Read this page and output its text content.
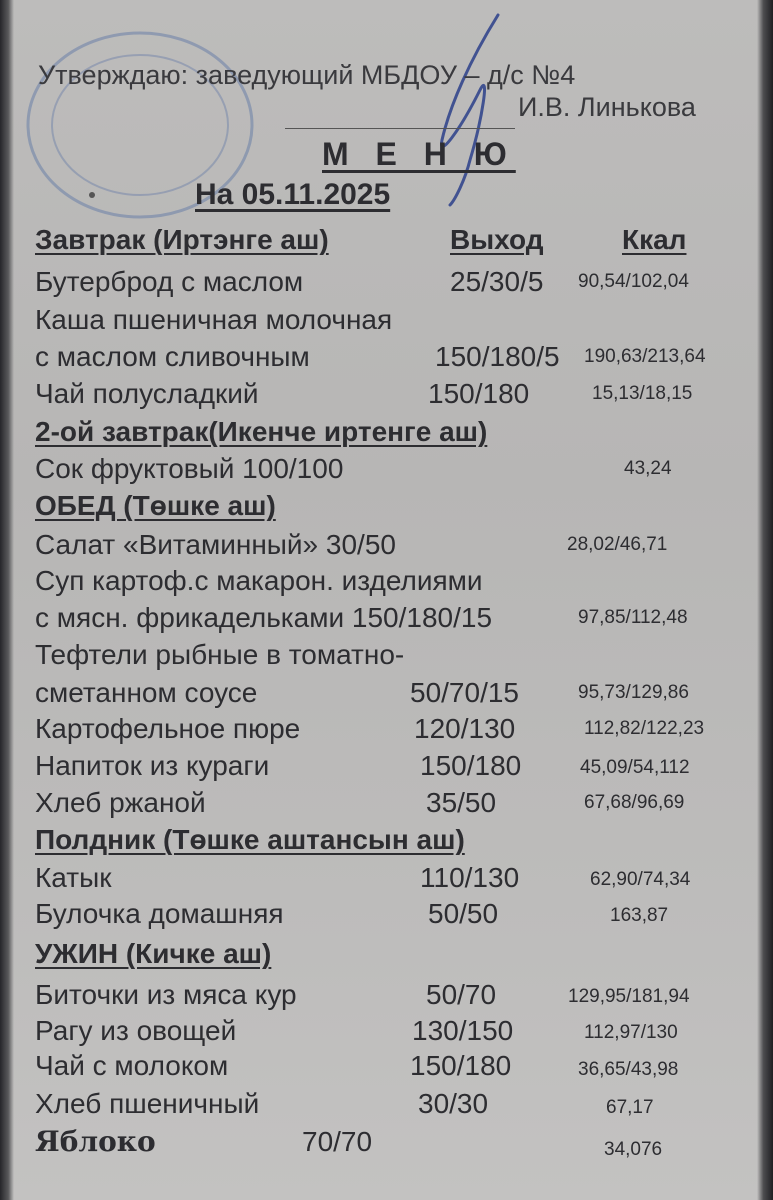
Утверждаю: заведующий МБДОУ – д/с №4
И.В. Линькова
М Е Н Ю
На 05.11.2025
Завтрак (Иртэнге аш)	Выход	Ккал
Бутерброд с маслом	25/30/5 90,54/102,04
Каша пшеничная молочная
с маслом сливочным	150/180/5 190,63/213,64
Чай полусладкий	150/180	15,13/18,15
2-ой завтрак(Икенче иртенге аш)
Сок фруктовый 100/100	43,24
ОБЕД (Төшке аш)
Салат «Витаминный» 30/50	28,02/46,71
Суп картоф.с макарон. изделиями
с мясн. фрикадельками 150/180/15	97,85/112,48
Тефтели рыбные в томатно-
сметанном соусе	50/70/15	95,73/129,86
Картофельное пюре	120/130	112,82/122,23
Напиток из кураги	150/180	45,09/54,112
Хлеб ржаной	35/50	67,68/96,69
Полдник (Төшке аштансын аш)
Катык	110/130	62,90/74,34
Булочка домашняя	50/50	163,87
УЖИН (Кичке аш)
Биточки из мяса кур	50/70	129,95/181,94
Рагу из овощей	130/150	112,97/130
Чай с молоком	150/180	36,65/43,98
Хлеб пшеничный	30/30	67,17
Яблоко	70/70	34,076
